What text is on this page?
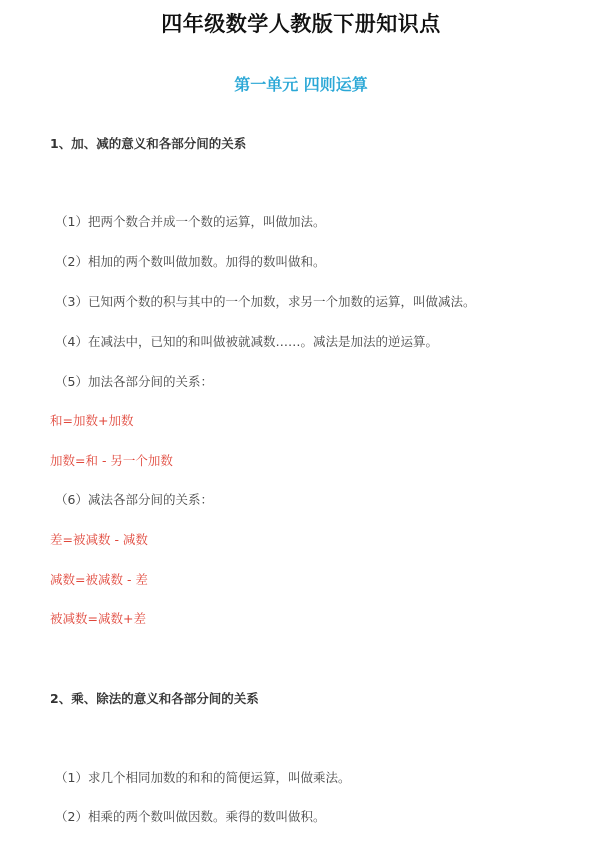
四年级数学人教版下册知识点
第一单元 四则运算
1、加、减的意义和各部分间的关系
（1）把两个数合并成一个数的运算，叫做加法。
（2）相加的两个数叫做加数。加得的数叫做和。
（3）已知两个数的积与其中的一个加数，求另一个加数的运算，叫做减法。
（4）在减法中，已知的和叫做被就减数……。减法是加法的逆运算。
（5）加法各部分间的关系：
和=加数+加数
加数=和 - 另一个加数
（6）减法各部分间的关系：
差=被减数 - 减数
减数=被减数 - 差
被减数=减数+差
2、乘、除法的意义和各部分间的关系
（1）求几个相同加数的和和的简便运算，叫做乘法。
（2）相乘的两个数叫做因数。乘得的数叫做积。
